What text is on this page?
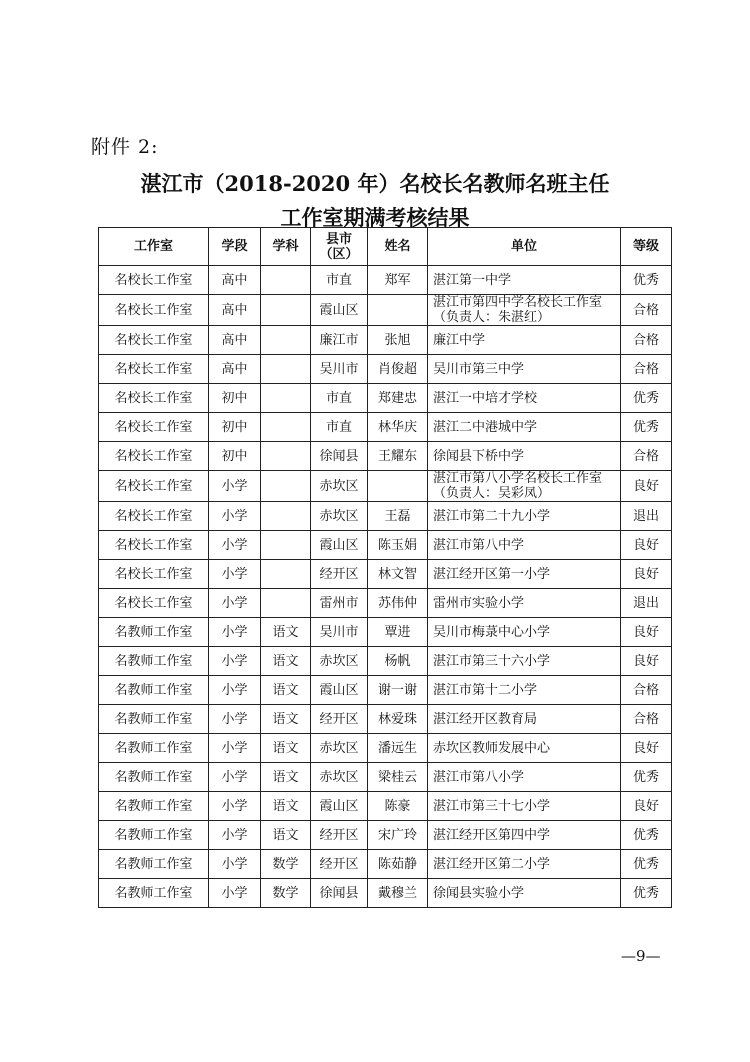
附件 2:
湛江市（2018-2020 年）名校长名教师名班主任
工作室期满考核结果
工作室	学段	学科	县市（区）	姓名	单位	等级
名校长工作室	高中		市直	郑军	湛江第一中学	优秀
名校长工作室	高中		霞山区		湛江市第四中学名校长工作室（负责人：朱湛红）	合格
名校长工作室	高中		廉江市	张旭	廉江中学	合格
名校长工作室	高中		吴川市	肖俊超	吴川市第三中学	合格
名校长工作室	初中		市直	郑建忠	湛江一中培才学校	优秀
名校长工作室	初中		市直	林华庆	湛江二中港城中学	优秀
名校长工作室	初中		徐闻县	王耀东	徐闻县下桥中学	合格
名校长工作室	小学		赤坎区		湛江市第八小学名校长工作室（负责人：吴彩凤）	良好
名校长工作室	小学		赤坎区	王磊	湛江市第二十九小学	退出
名校长工作室	小学		霞山区	陈玉娟	湛江市第八中学	良好
名校长工作室	小学		经开区	林文智	湛江经开区第一小学	良好
名校长工作室	小学		雷州市	苏伟仲	雷州市实验小学	退出
名教师工作室	小学	语文	吴川市	覃进	吴川市梅菉中心小学	良好
名教师工作室	小学	语文	赤坎区	杨帆	湛江市第三十六小学	良好
名教师工作室	小学	语文	霞山区	谢一谢	湛江市第十二小学	合格
名教师工作室	小学	语文	经开区	林爱珠	湛江经开区教育局	合格
名教师工作室	小学	语文	赤坎区	潘远生	赤坎区教师发展中心	良好
名教师工作室	小学	语文	赤坎区	梁桂云	湛江市第八小学	优秀
名教师工作室	小学	语文	霞山区	陈豪	湛江市第三十七小学	良好
名教师工作室	小学	语文	经开区	宋广玲	湛江经开区第四中学	优秀
名教师工作室	小学	数学	经开区	陈茹静	湛江经开区第二小学	优秀
名教师工作室	小学	数学	徐闻县	戴穆兰	徐闻县实验小学	优秀
—9—
